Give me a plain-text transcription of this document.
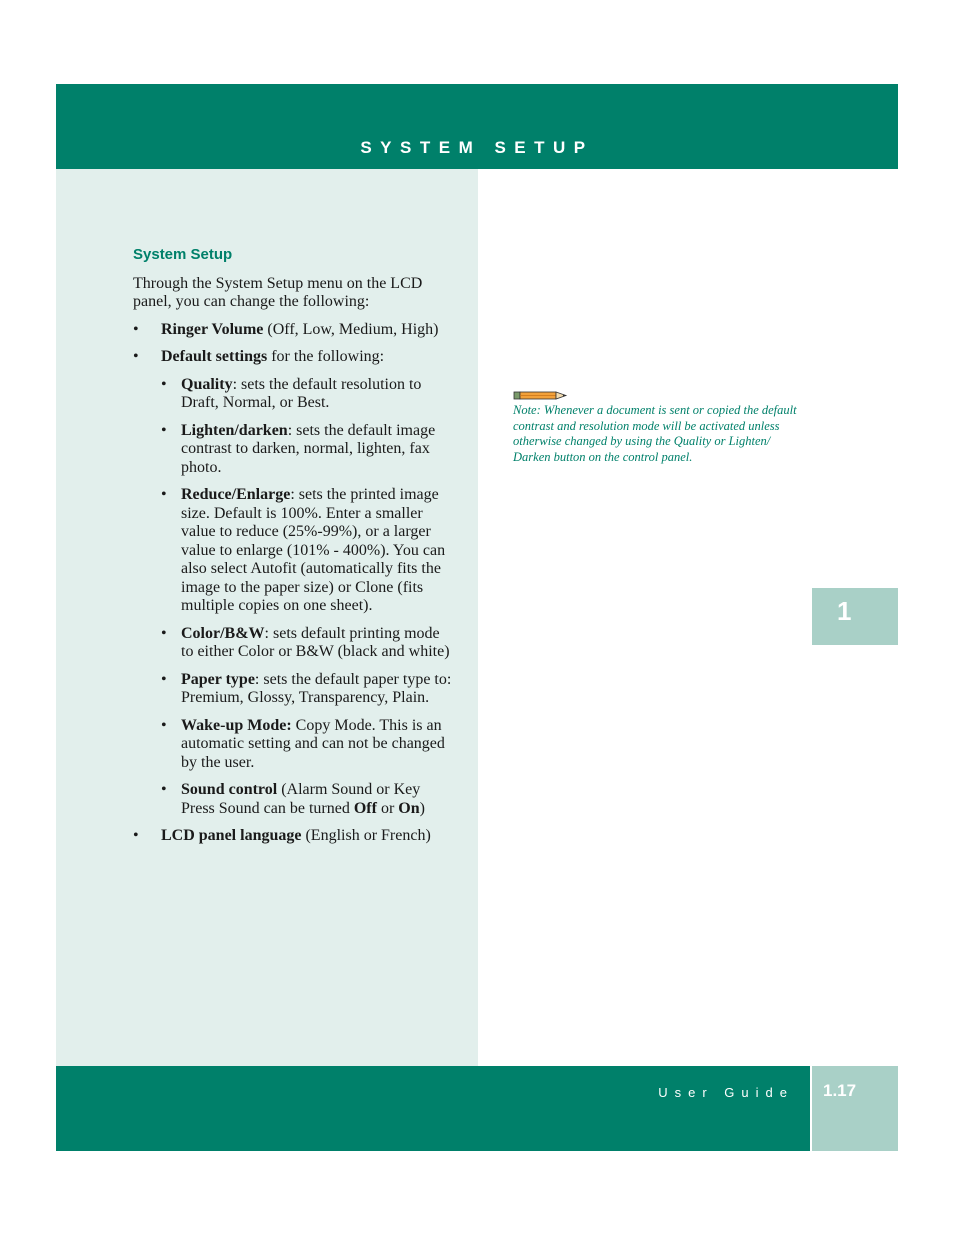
SYSTEM SETUP
System Setup

Through the System Setup menu on the LCD panel, you can change the following:

• Ringer Volume (Off, Low, Medium, High)
• Default settings for the following:
• Quality: sets the default resolution to Draft, Normal, or Best.
• Lighten/darken: sets the default image contrast to darken, normal, lighten, fax photo.
• Reduce/Enlarge: sets the printed image size. Default is 100%. Enter a smaller value to reduce (25%-99%), or a larger value to enlarge (101% - 400%). You can also select Autofit (automatically fits the image to the paper size) or Clone (fits multiple copies on one sheet).
• Color/B&W: sets default printing mode to either Color or B&W (black and white)
• Paper type: sets the default paper type to: Premium, Glossy, Transparency, Plain.
• Wake-up Mode: Copy Mode. This is an automatic setting and can not be changed by the user.
• Sound control (Alarm Sound or Key Press Sound can be turned Off or On)
• LCD panel language (English or French)

Note: Whenever a document is sent or copied the default contrast and resolution mode will be activated unless otherwise changed by using the Quality or Lighten/ Darken button on the control panel.

1
User Guide 1.17
